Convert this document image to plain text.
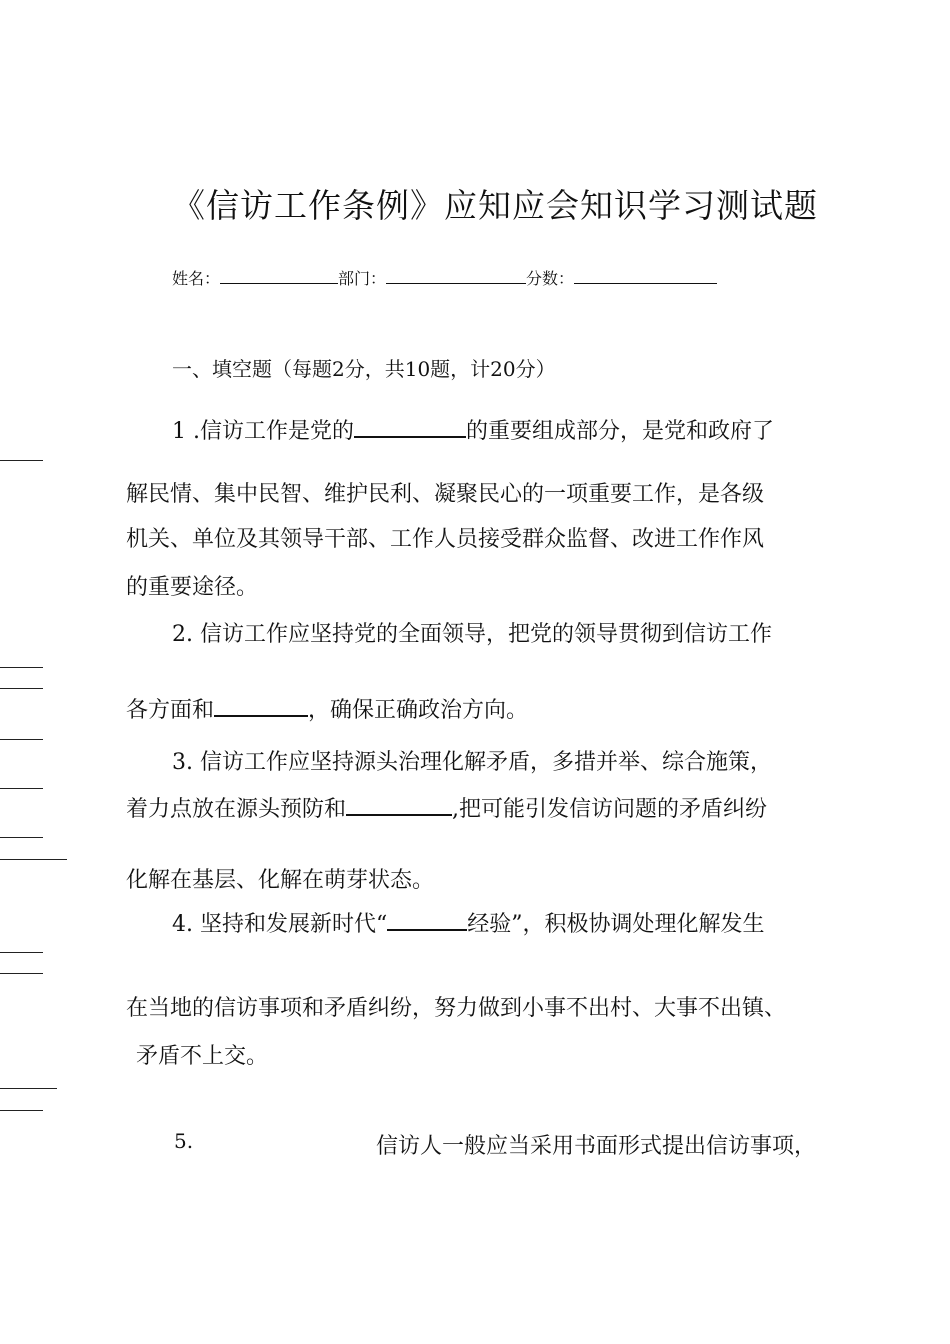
《信访工作条例》应知应会知识学习测试题
姓名：	部门：	分数：
一、填空题（每题2分，共10题，计20分）
1 .信访工作是党的	的重要组成部分，是党和政府了
解民情、集中民智、维护民利、凝聚民心的一项重要工作，是各级
机关、单位及其领导干部、工作人员接受群众监督、改进工作作风
的重要途径。
2. 信访工作应坚持党的全面领导，把党的领导贯彻到信访工作
各方面和	，确保正确政治方向。
3. 信访工作应坚持源头治理化解矛盾，多措并举、综合施策，
着力点放在源头预防和	,把可能引发信访问题的矛盾纠纷
化解在基层、化解在萌芽状态。
4. 坚持和发展新时代“	经验”，积极协调处理化解发生
在当地的信访事项和矛盾纠纷，努力做到小事不出村、大事不出镇、
矛盾不上交。
5.	信访人一般应当采用书面形式提出信访事项，
